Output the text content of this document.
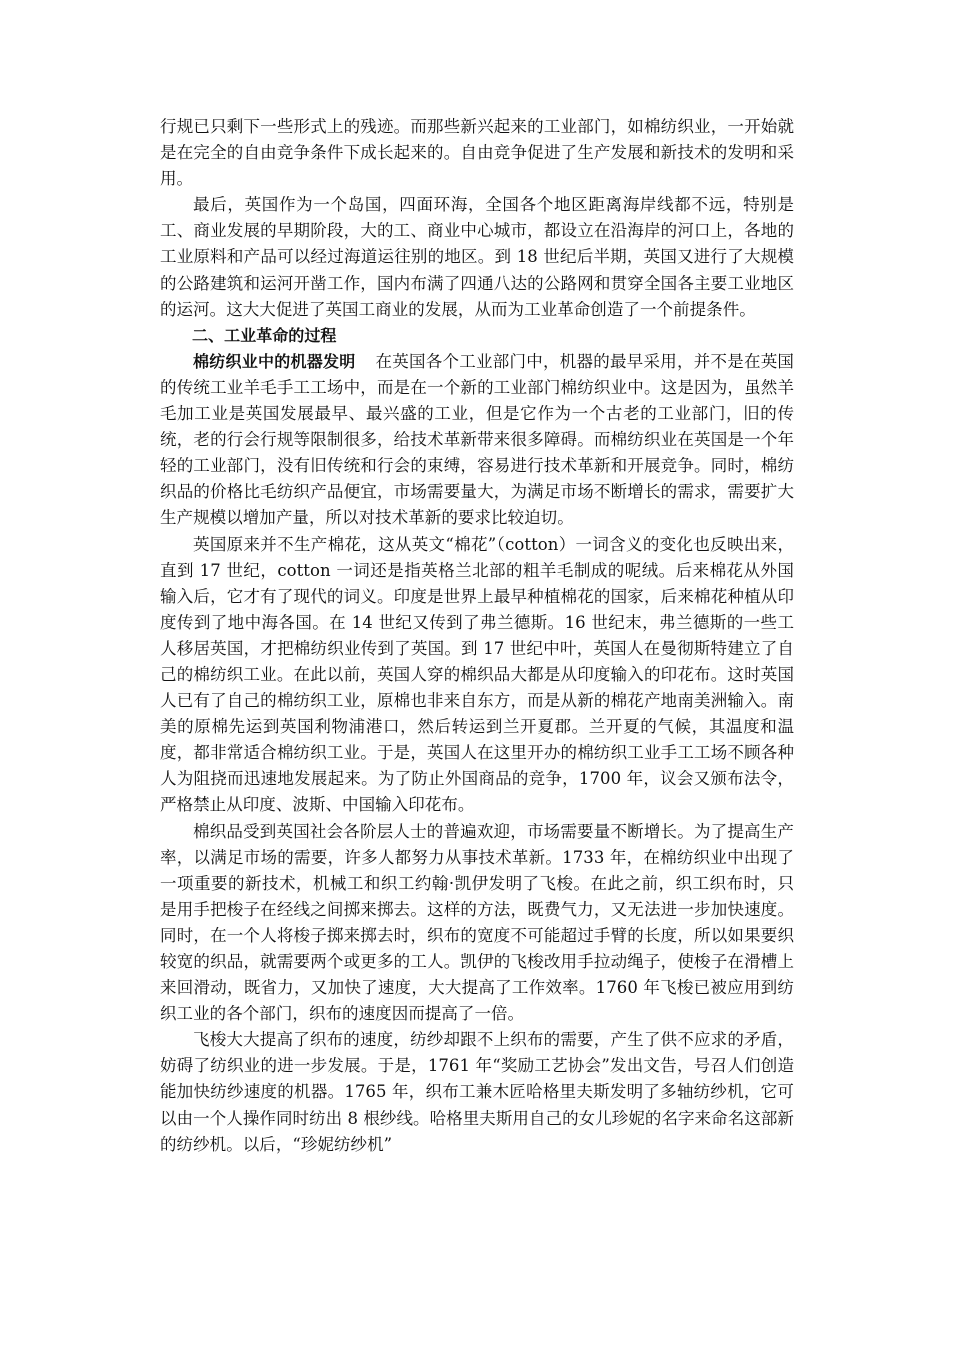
行规已只剩下一些形式上的残迹。而那些新兴起来的工业部门，如棉纺织业，一开始就是在完全的自由竞争条件下成长起来的。自由竞争促进了生产发展和新技术的发明和采用。

最后，英国作为一个岛国，四面环海，全国各个地区距离海岸线都不远，特别是工、商业发展的早期阶段，大的工、商业中心城市，都设立在沿海岸的河口上，各地的工业原料和产品可以经过海道运往别的地区。到 18 世纪后半期，英国又进行了大规模的公路建筑和运河开凿工作，国内布满了四通八达的公路网和贯穿全国各主要工业地区的运河。这大大促进了英国工商业的发展，从而为工业革命创造了一个前提条件。

二、工业革命的过程

棉纺织业中的机器发明 在英国各个工业部门中，机器的最早采用，并不是在英国的传统工业羊毛手工工场中，而是在一个新的工业部门棉纺织业中。这是因为，虽然羊毛加工业是英国发展最早、最兴盛的工业，但是它作为一个古老的工业部门，旧的传统，老的行会行规等限制很多，给技术革新带来很多障碍。而棉纺织业在英国是一个年轻的工业部门，没有旧传统和行会的束缚，容易进行技术革新和开展竞争。同时，棉纺织品的价格比毛纺织产品便宜，市场需要量大，为满足市场不断增长的需求，需要扩大生产规模以增加产量，所以对技术革新的要求比较迫切。

英国原来并不生产棉花，这从英文“棉花”（cotton）一词含义的变化也反映出来，直到 17 世纪，cotton 一词还是指英格兰北部的粗羊毛制成的呢绒。后来棉花从外国输入后，它才有了现代的词义。印度是世界上最早种植棉花的国家，后来棉花种植从印度传到了地中海各国。在 14 世纪又传到了弗兰德斯。16 世纪末，弗兰德斯的一些工人移居英国，才把棉纺织业传到了英国。到 17 世纪中叶，英国人在曼彻斯特建立了自己的棉纺织工业。在此以前，英国人穿的棉织品大都是从印度输入的印花布。这时英国人已有了自己的棉纺织工业，原棉也非来自东方，而是从新的棉花产地南美洲输入。南美的原棉先运到英国利物浦港口，然后转运到兰开夏郡。兰开夏的气候，其温度和温度，都非常适合棉纺织工业。于是，英国人在这里开办的棉纺织工业手工工场不顾各种人为阻挠而迅速地发展起来。为了防止外国商品的竞争，1700 年，议会又颁布法令，严格禁止从印度、波斯、中国输入印花布。

棉织品受到英国社会各阶层人士的普遍欢迎，市场需要量不断增长。为了提高生产率，以满足市场的需要，许多人都努力从事技术革新。1733 年，在棉纺织业中出现了一项重要的新技术，机械工和织工约翰·凯伊发明了飞梭。在此之前，织工织布时，只是用手把梭子在经线之间掷来掷去。这样的方法，既费气力，又无法进一步加快速度。同时，在一个人将梭子掷来掷去时，织布的宽度不可能超过手臂的长度，所以如果要织较宽的织品，就需要两个或更多的工人。凯伊的飞梭改用手拉动绳子，使梭子在滑槽上来回滑动，既省力，又加快了速度，大大提高了工作效率。1760 年飞梭已被应用到纺织工业的各个部门，织布的速度因而提高了一倍。

飞梭大大提高了织布的速度，纺纱却跟不上织布的需要，产生了供不应求的矛盾，妨碍了纺织业的进一步发展。于是，1761 年“奖励工艺协会”发出文告，号召人们创造能加快纺纱速度的机器。1765 年，织布工兼木匠哈格里夫斯发明了多轴纺纱机，它可以由一个人操作同时纺出 8 根纱线。哈格里夫斯用自己的女儿珍妮的名字来命名这部新的纺纱机。以后，“珍妮纺纱机”
